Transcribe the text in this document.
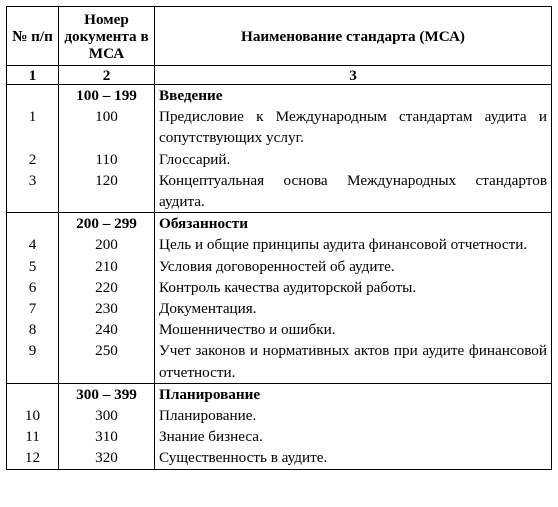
№ п/п	Номер документа в МСА	Наименование стандарта (МСА)
1	2	3
	100 – 199	Введение
1	100	Предисловие к Международным стандартам аудита и сопутствующих услуг.
2	110	Глоссарий.
3	120	Концептуальная основа Международных стандартов аудита.
	200 – 299	Обязанности
4	200	Цель и общие принципы аудита финансовой отчетности.
5	210	Условия договоренностей об аудите.
6	220	Контроль качества аудиторской работы.
7	230	Документация.
8	240	Мошенничество и ошибки.
9	250	Учет законов и нормативных актов при аудите финансовой отчетности.
	300 – 399	Планирование
10	300	Планирование.
11	310	Знание бизнеса.
12	320	Существенность в аудите.
